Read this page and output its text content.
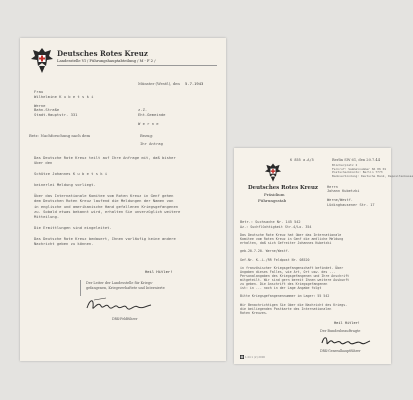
Deutsches Rotes Kreuz
Landesstelle VI / Führungshauptabteilung / M - F 2 /
Münster (Westf.), den 5.7.1943
Frau
Wilhelmine K u b e t s k i
Werne
Bahn-Straße
Stadt-Hauptstr. 331
z.Z.
Eht-Gemeinde
W e r n e
Betr.: Nachforschung nach dem	Bezug:
Ihr Antrag
Das Deutsche Rote Kreuz teilt auf Ihre Anfrage mit, daß bisher
über den
Schütze Johannes K u b e t s k i
keinerlei Meldung vorliegt.
Über das Internationale Komitee vom Roten Kreuz in Genf gehen
dem Deutschen Roten Kreuz laufend die Meldungen der Namen von
in englische und amerikanische Hand gefallenen Kriegsgefangenen
zu. Sobald etwas bekannt wird, erhalten Sie unverzüglich weitere
Mitteilung.
Die Ermittlungen sind eingeleitet.
Das Deutsche Rote Kreuz bedauert, Ihnen vorläufig keine andere
Nachricht geben zu können.
Heil Hitler!
Der Leiter der Landesstelle für Kriegs-
gefangenen, Kriegsverhaftete und Internierte
DRK-Feldführer
K 855 a.A/5	Berlin SW 61, den 20.7.44
Blücherplatz 2
Fernruf: Sammelnummer 66 06 01
Postscheckkonto: Berlin 7773
Bankverbindung: Deutsche Bank, Depositenkasse
Deutsches Rotes Kreuz
Präsidium
Führungsstab
Herrn
Johann Kubetzki
Werne/Westf.
Lüdinghausener Str. 17
Betr.: Suchsache Nr. 145 542
Az.: Suchflüchtigkeit Str.4/Lo. 354
Das Deutsche Rote Kreuz hat über das Internationale
Komitee vom Roten Kreuz in Genf die amtliche Meldung
erhalten, daß sich Gefreiter Johannes Kubetzki
geb.20.7.20. Werne/Westf.
Gef.Nr. K.-L./RR Feldpost Nr. 08520
in französischer Kriegsgefangenschaft befindet. Über
Angaben dieses Falles, wie Art, Ort usw. des ...
Personalangaben des Kriegsgefangenen und Ihre Anschrift
mitgeteilt. Wir sind gern bereit Ihnen weitere Auskunft
zu geben. Die Anschrift des Kriegsgefangenen
ist: in ... noch in der Lage Angabe folgt
Bitte Kriegsgefangenennummer im Lager: 55 542
Wir Benachrichtigen Sie über die Nachricht des Kriegs-
die beiliegenden Postkarte des Internationalen
Roten Kreuzes.
Heil Hitler!
Der Bundesbeauftragte
DRK-Generalhauptführer
1.44 1 (2) 2000
